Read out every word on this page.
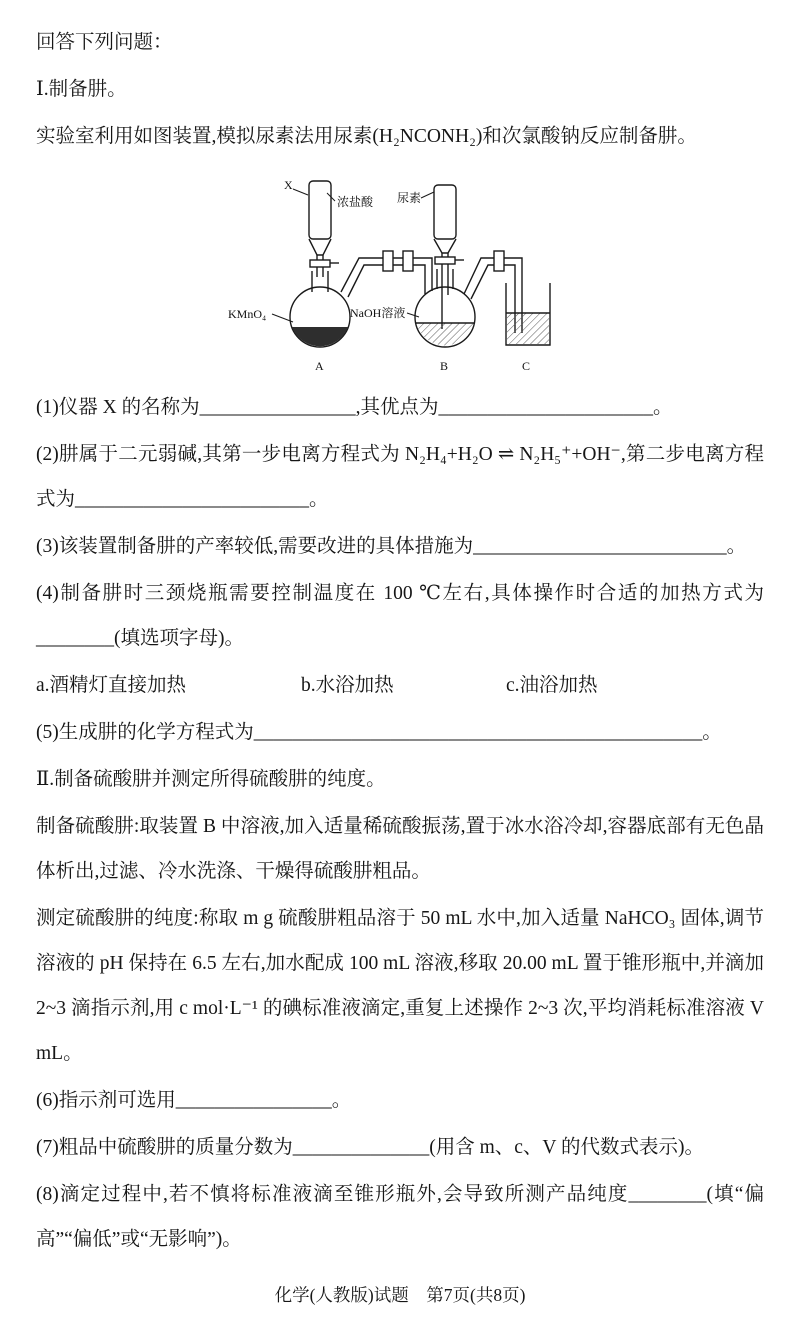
回答下列问题：

Ⅰ.制备肼。

实验室利用如图装置,模拟尿素法用尿素(H₂NCONH₂)和次氯酸钠反应制备肼。

X
浓盐酸 尿素
KMnO₄	NaOH溶液
A	B	C

(1)仪器 X 的名称为________________,其优点为______________________。

(2)肼属于二元弱碱,其第一步电离方程式为 N₂H₄+H₂O ⇌ N₂H₅⁺+OH⁻,第二步电离方程式为________________________。

(3)该装置制备肼的产率较低,需要改进的具体措施为__________________________。

(4)制备肼时三颈烧瓶需要控制温度在 100 ℃左右,具体操作时合适的加热方式为________(填选项字母)。

a.酒精灯直接加热	b.水浴加热	c.油浴加热

(5)生成肼的化学方程式为______________________________________________。

Ⅱ.制备硫酸肼并测定所得硫酸肼的纯度。

制备硫酸肼:取装置 B 中溶液,加入适量稀硫酸振荡,置于冰水浴冷却,容器底部有无色晶体析出,过滤、冷水洗涤、干燥得硫酸肼粗品。

测定硫酸肼的纯度:称取 m g 硫酸肼粗品溶于 50 mL 水中,加入适量 NaHCO₃ 固体,调节溶液的 pH 保持在 6.5 左右,加水配成 100 mL 溶液,移取 20.00 mL 置于锥形瓶中,并滴加 2~3 滴指示剂,用 c mol·L⁻¹ 的碘标准液滴定,重复上述操作 2~3 次,平均消耗标准溶液 V mL。

(6)指示剂可选用________________。

(7)粗品中硫酸肼的质量分数为______________(用含 m、c、V 的代数式表示)。

(8)滴定过程中,若不慎将标准液滴至锥形瓶外,会导致所测产品纯度________(填“偏高”“偏低”或“无影响”)。

化学(人教版)试题　第7页(共8页)
